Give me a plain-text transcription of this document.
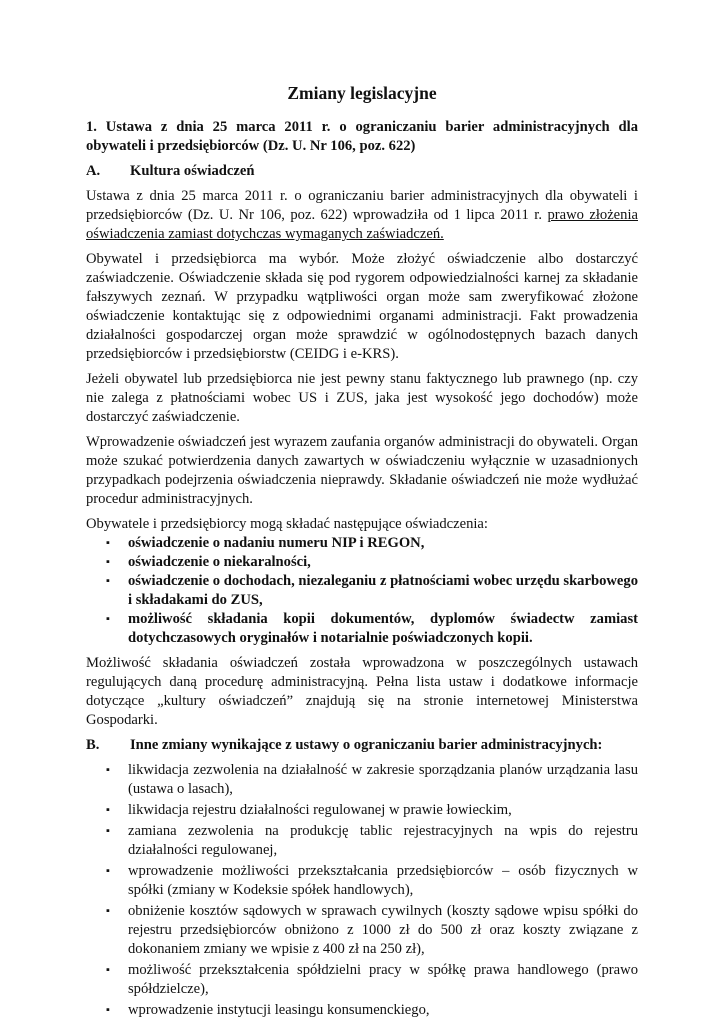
Zmiany legislacyjne
1. Ustawa z dnia 25 marca 2011 r. o ograniczaniu barier administracyjnych dla obywateli i przedsiębiorców (Dz. U. Nr 106, poz. 622)
A.	Kultura oświadczeń

Ustawa z dnia 25 marca 2011 r. o ograniczaniu barier administracyjnych dla obywateli i przedsiębiorców (Dz. U. Nr 106, poz. 622) wprowadziła od 1 lipca 2011 r. prawo złożenia oświadczenia zamiast dotychczas wymaganych zaświadczeń.

Obywatel i przedsiębiorca ma wybór. Może złożyć oświadczenie albo dostarczyć zaświadczenie. Oświadczenie składa się pod rygorem odpowiedzialności karnej za składanie fałszywych zeznań. W przypadku wątpliwości organ może sam zweryfikować złożone oświadczenie kontaktując się z odpowiednimi organami administracji. Fakt prowadzenia działalności gospodarczej organ może sprawdzić w ogólnodostępnych bazach danych przedsiębiorców i przedsiębiorstw (CEIDG i e-KRS).

Jeżeli obywatel lub przedsiębiorca nie jest pewny stanu faktycznego lub prawnego (np. czy nie zalega z płatnościami wobec US i ZUS, jaka jest wysokość jego dochodów) może dostarczyć zaświadczenie.

Wprowadzenie oświadczeń jest wyrazem zaufania organów administracji do obywateli. Organ może szukać potwierdzenia danych zawartych w oświadczeniu wyłącznie w uzasadnionych przypadkach podejrzenia oświadczenia nieprawdy. Składanie oświadczeń nie może wydłużać procedur administracyjnych.

Obywatele i przedsiębiorcy mogą składać następujące oświadczenia:

▪	oświadczenie o nadaniu numeru NIP i REGON,
▪	oświadczenie o niekaralności,
▪	oświadczenie o dochodach, niezaleganiu z płatnościami wobec urzędu skarbowego i składakami do ZUS,
▪	możliwość składania kopii dokumentów, dyplomów świadectw zamiast dotychczasowych oryginałów i notarialnie poświadczonych kopii.

Możliwość składania oświadczeń została wprowadzona w poszczególnych ustawach regulujących daną procedurę administracyjną. Pełna lista ustaw i dodatkowe informacje dotyczące „kultury oświadczeń” znajdują się na stronie internetowej Ministerstwa Gospodarki.

B.	Inne zmiany wynikające z ustawy o ograniczaniu barier administracyjnych:
▪	likwidacja zezwolenia na działalność w zakresie sporządzania planów urządzania lasu (ustawa o lasach),
▪	likwidacja rejestru działalności regulowanej w prawie łowieckim,
▪	zamiana zezwolenia na produkcję tablic rejestracyjnych na wpis do rejestru działalności regulowanej,
▪	wprowadzenie możliwości przekształcania przedsiębiorców – osób fizycznych w spółki (zmiany w Kodeksie spółek handlowych),
▪	obniżenie kosztów sądowych w sprawach cywilnych (koszty sądowe wpisu spółki do rejestru przedsiębiorców obniżono z 1000 zł do 500 zł oraz koszty związane z dokonaniem zmiany we wpisie z 400 zł na 250 zł),
▪	możliwość przekształcenia spółdzielni pracy w spółkę prawa handlowego (prawo spółdzielcze),
▪	wprowadzenie instytucji leasingu konsumenckiego,
